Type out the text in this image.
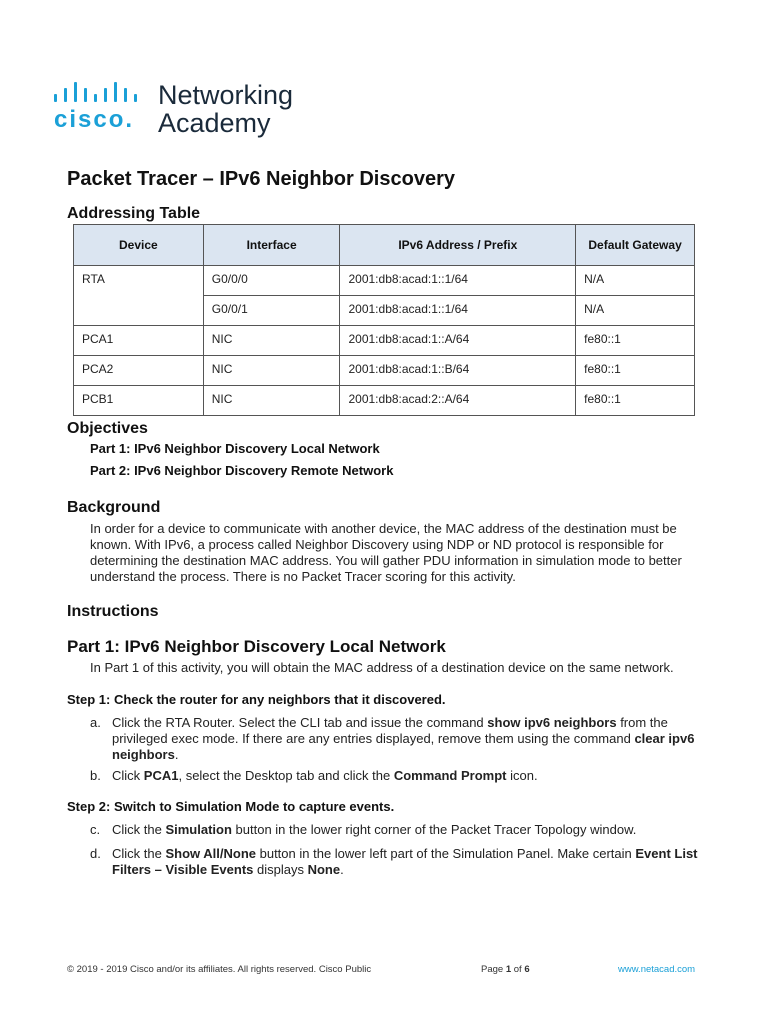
cisco.
Networking
Academy
Packet Tracer – IPv6 Neighbor Discovery
Addressing Table
Device	Interface	IPv6 Address / Prefix	Default Gateway
RTA	G0/0/0	2001:db8:acad:1::1/64	N/A
	G0/0/1	2001:db8:acad:1::1/64	N/A
PCA1	NIC	2001:db8:acad:1::A/64	fe80::1
PCA2	NIC	2001:db8:acad:1::B/64	fe80::1
PCB1	NIC	2001:db8:acad:2::A/64	fe80::1
Objectives
Part 1: IPv6 Neighbor Discovery Local Network
Part 2: IPv6 Neighbor Discovery Remote Network
Background

In order for a device to communicate with another device, the MAC address of the destination must be known. With IPv6, a process called Neighbor Discovery using NDP or ND protocol is responsible for determining the destination MAC address. You will gather PDU information in simulation mode to better understand the process. There is no Packet Tracer scoring for this activity.

Instructions
Part 1: IPv6 Neighbor Discovery Local Network

In Part 1 of this activity, you will obtain the MAC address of a destination device on the same network.

Step 1: Check the router for any neighbors that it discovered.
a. Click the RTA Router. Select the CLI tab and issue the command show ipv6 neighbors from the privileged exec mode. If there are any entries displayed, remove them using the command clear ipv6 neighbors.

b. Click PCA1, select the Desktop tab and click the Command Prompt icon.

Step 2: Switch to Simulation Mode to capture events.
c. Click the Simulation button in the lower right corner of the Packet Tracer Topology window.

d. Click the Show All/None button in the lower left part of the Simulation Panel. Make certain Event List Filters – Visible Events displays None.

© 2019 - 2019 Cisco and/or its affiliates. All rights reserved. Cisco Public	Page 1 of 6	www.netacad.com
